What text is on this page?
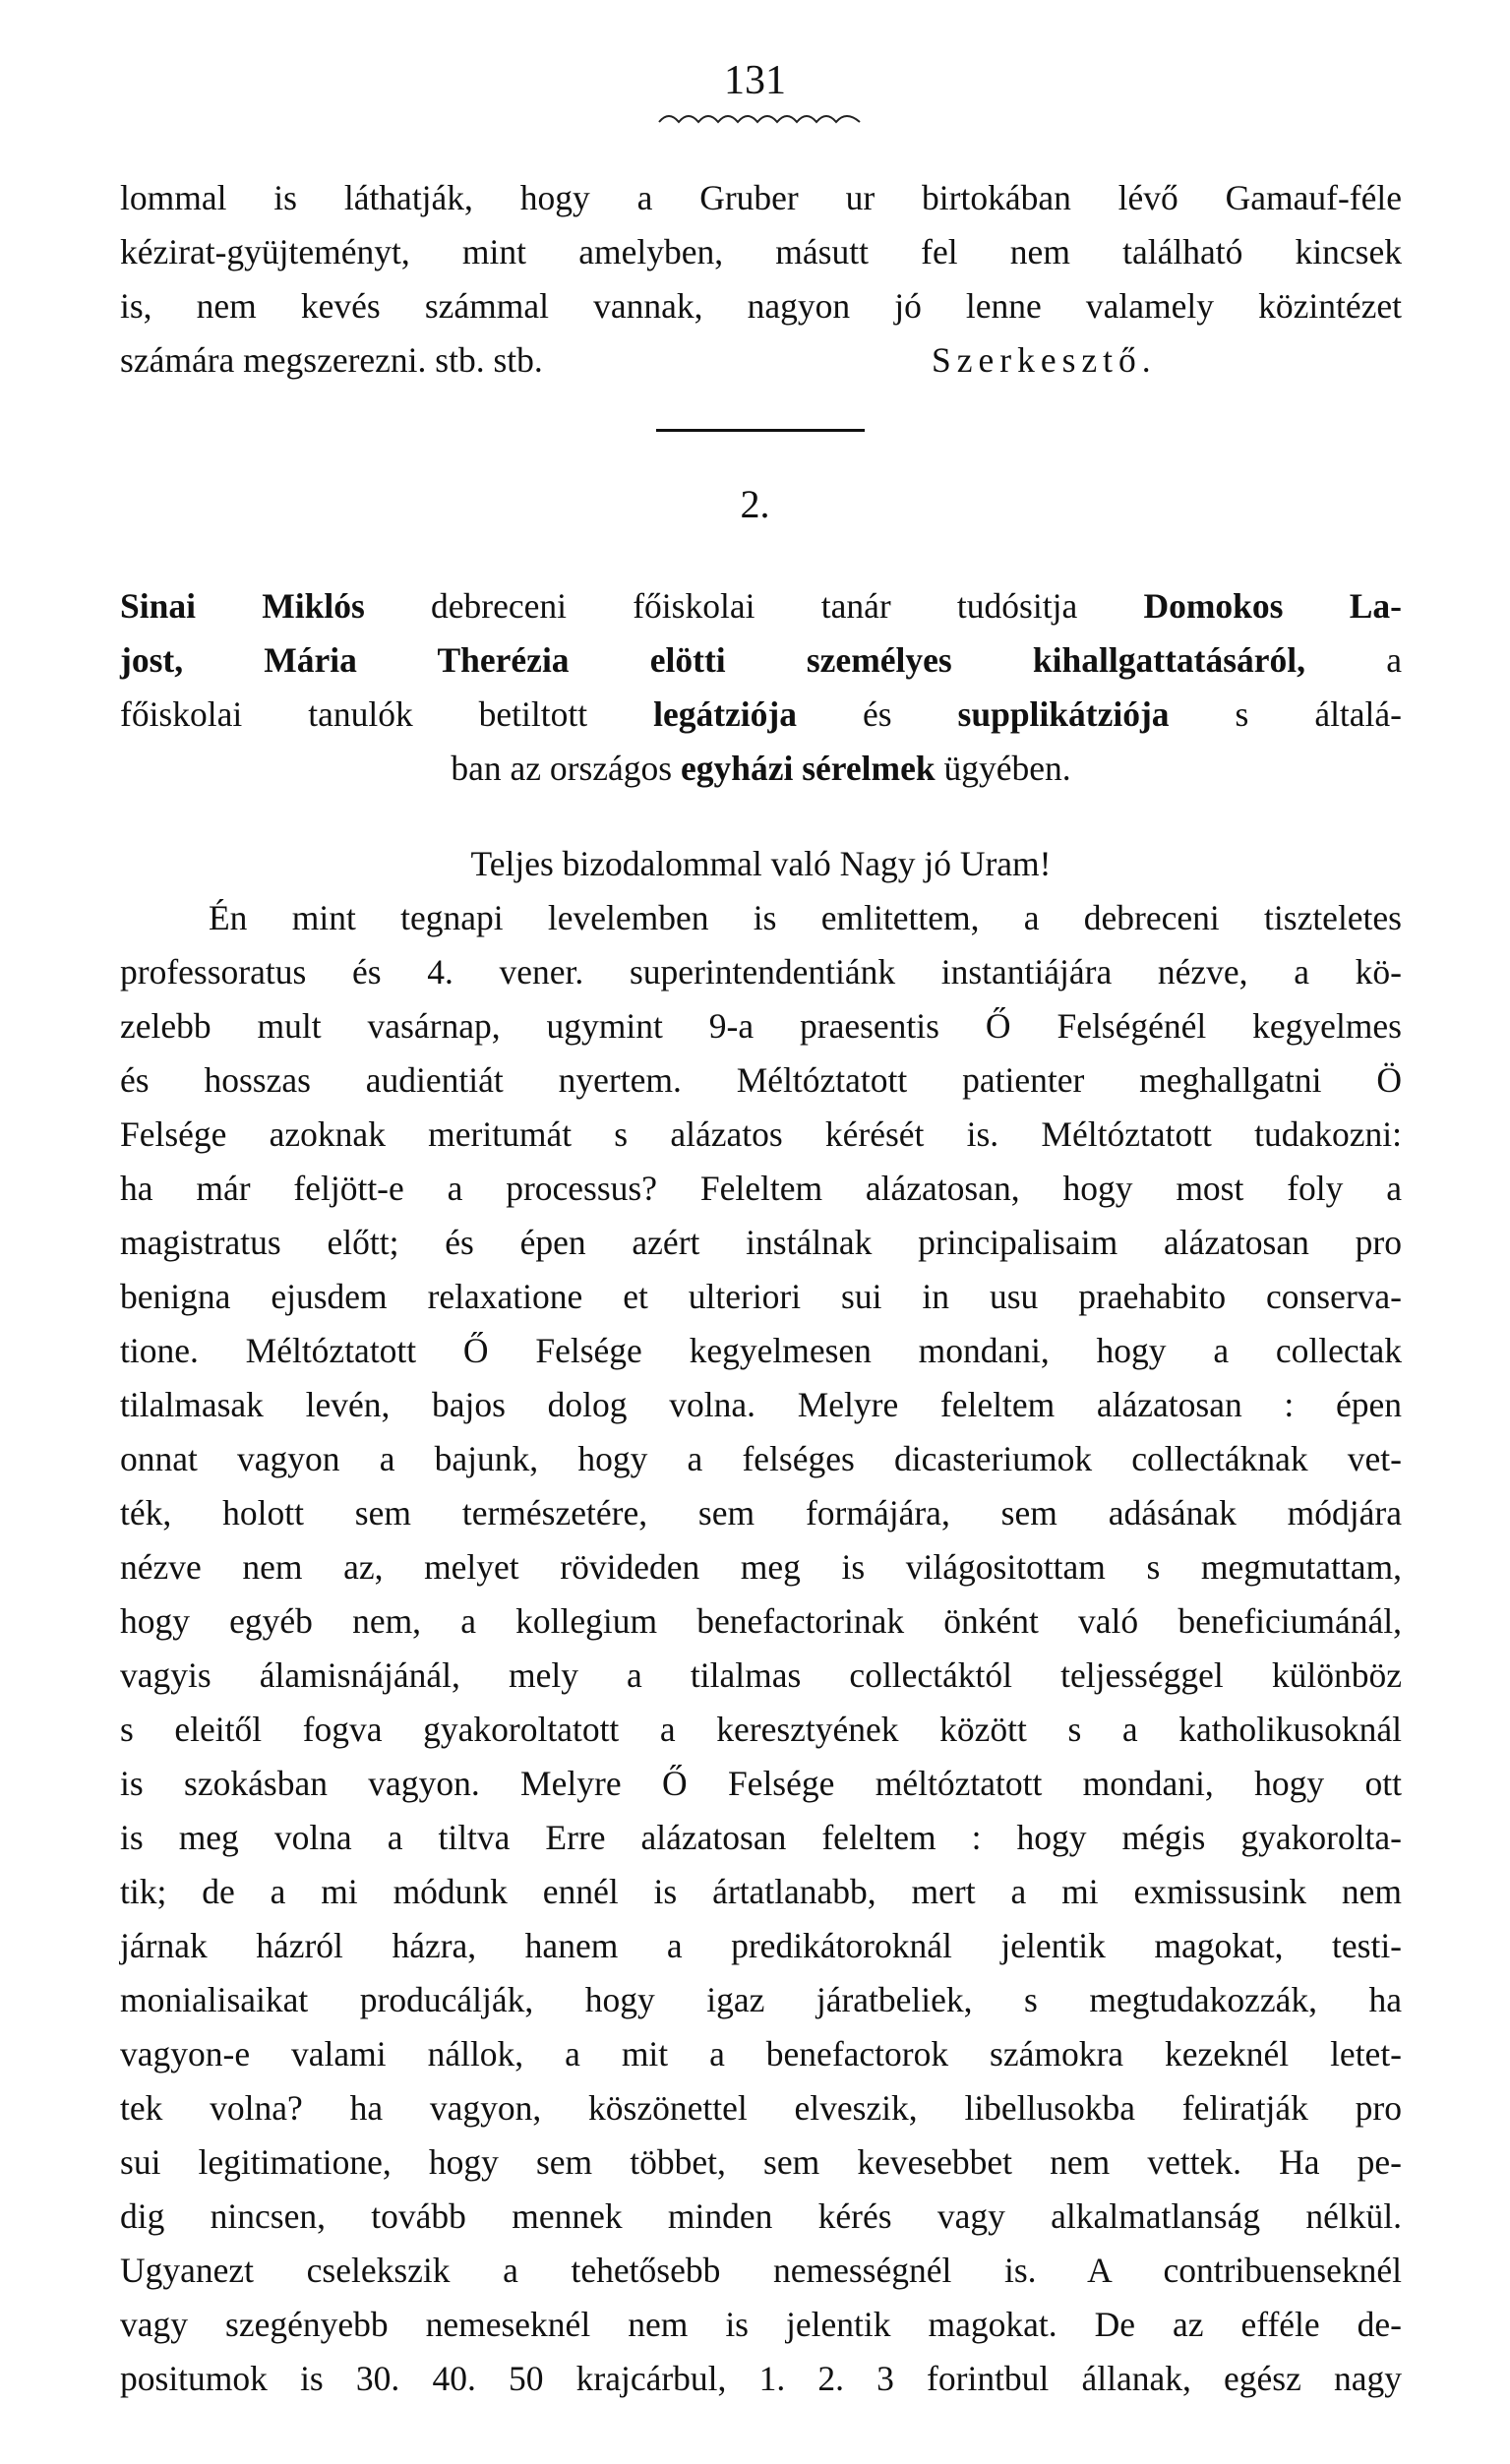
131
lommal is láthatják, hogy a Gruber ur birtokában lévő Gamauf-féle
kézirat-gyüjteményt, mint amelyben, másutt fel nem található kincsek
is, nem kevés számmal vannak, nagyon jó lenne valamely közintézet
számára megszerezni. stb. stb.	Szerkesztő.
2.
Sinai Miklós debreceni főiskolai tanár tudósitja Domokos La-
jost, Mária Therézia elötti személyes kihallgattatásáról, a
főiskolai tanulók betiltott legátziója és supplikátziója s általá-
ban az országos egyházi sérelmek ügyében.
Teljes bizodalommal való Nagy jó Uram!
Én mint tegnapi levelemben is emlitettem, a debreceni tiszteletes
professoratus és 4. vener. superintendentiánk instantiájára nézve, a kö-
zelebb mult vasárnap, ugymint 9-a praesentis Ő Felségénél kegyelmes
és hosszas audientiát nyertem. Méltóztatott patienter meghallgatni Ö
Felsége azoknak meritumát s alázatos kérését is. Méltóztatott tudakozni:
ha már feljött-e a processus? Feleltem alázatosan, hogy most foly a
magistratus előtt; és épen azért instálnak principalisaim alázatosan pro
benigna ejusdem relaxatione et ulteriori sui in usu praehabito conserva-
tione. Méltóztatott Ő Felsége kegyelmesen mondani, hogy a collectak
tilalmasak levén, bajos dolog volna. Melyre feleltem alázatosan : épen
onnat vagyon a bajunk, hogy a felséges dicasteriumok collectáknak vet-
ték, holott sem természetére, sem formájára, sem adásának módjára
nézve nem az, melyet rövideden meg is világositottam s megmutattam,
hogy egyéb nem, a kollegium benefactorinak önként való beneficiumánál,
vagyis álamisnájánál, mely a tilalmas collectáktól teljességgel különböz
s eleitől fogva gyakoroltatott a keresztyének között s a katholikusoknál
is szokásban vagyon. Melyre Ő Felsége méltóztatott mondani, hogy ott
is meg volna a tiltva Erre alázatosan feleltem : hogy mégis gyakorolta-
tik; de a mi módunk ennél is ártatlanabb, mert a mi exmissusink nem
járnak házról házra, hanem a predikátoroknál jelentik magokat, testi-
monialisaikat producálják, hogy igaz járatbeliek, s megtudakozzák, ha
vagyon-e valami nállok, a mit a benefactorok számokra kezeknél letet-
tek volna? ha vagyon, köszönettel elveszik, libellusokba feliratják pro
sui legitimatione, hogy sem többet, sem kevesebbet nem vettek. Ha pe-
dig nincsen, tovább mennek minden kérés vagy alkalmatlanság nélkül.
Ugyanezt cselekszik a tehetősebb nemességnél is. A contribuenseknél
vagy szegényebb nemeseknél nem is jelentik magokat. De az efféle de-
positumok is 30. 40. 50 krajcárbul, 1. 2. 3 forintbul állanak, egész nagy
